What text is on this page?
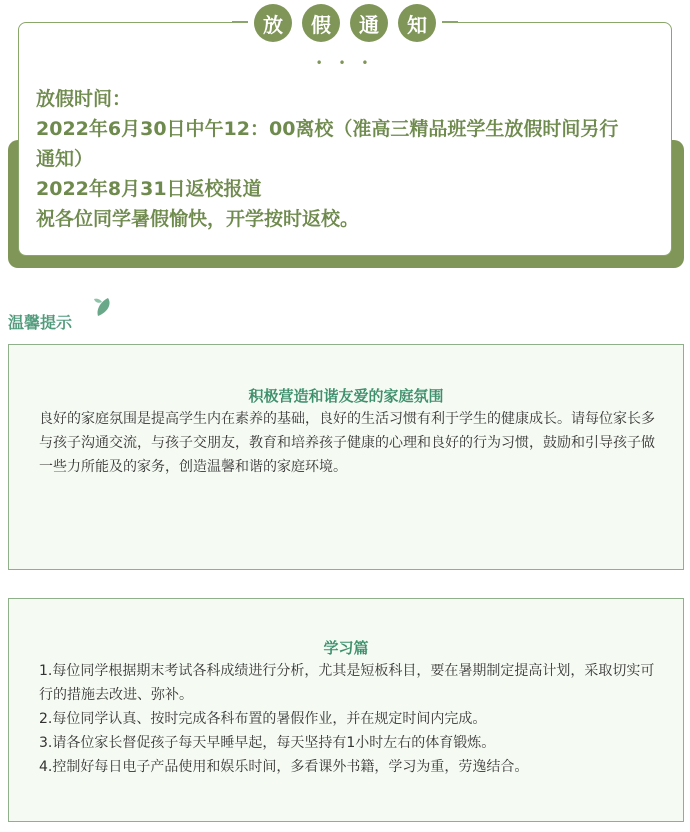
放	假	通	知
• • •

放假时间：

2022年6月30日中午12：00离校（准高三精品班学生放假时间另行

通知）

2022年8月31日返校报道

祝各位同学暑假愉快，开学按时返校。

温馨提示
积极营造和谐友爱的家庭氛围

良好的家庭氛围是提高学生内在素养的基础，良好的生活习惯有利于学生的健康成长。请每位家长多与孩子沟通交流，与孩子交朋友，教育和培养孩子健康的心理和良好的行为习惯，鼓励和引导孩子做一些力所能及的家务，创造温馨和谐的家庭环境。

学习篇

1.每位同学根据期末考试各科成绩进行分析，尤其是短板科目，要在暑期制定提高计划，采取切实可行的措施去改进、弥补。

2.每位同学认真、按时完成各科布置的暑假作业，并在规定时间内完成。

3.请各位家长督促孩子每天早睡早起，每天坚持有1小时左右的体育锻炼。

4.控制好每日电子产品使用和娱乐时间，多看课外书籍，学习为重，劳逸结合。
